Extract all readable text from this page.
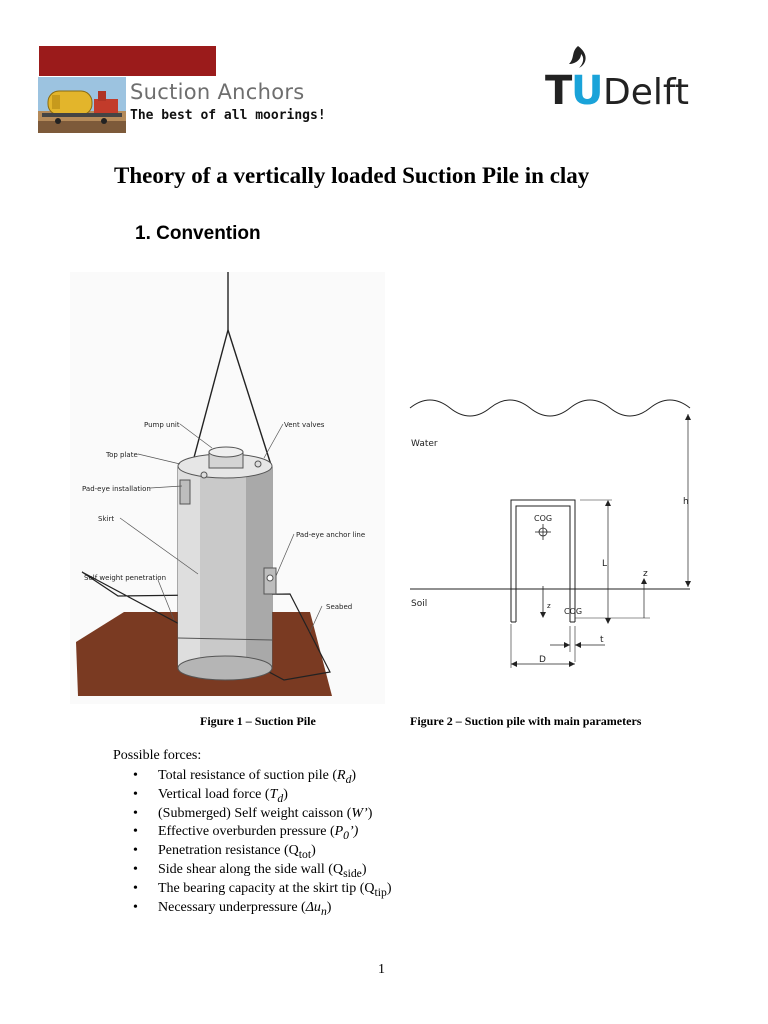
Suction Anchors
The best of all moorings!
T
U Delft
Theory of a vertically loaded Suction Pile in clay
1. Convention
Pump unit	Vent valves
Top plate
Pad-eye installation
Skirt
Pad-eye anchor line
Self weight penetration
Seabed
Water
Soil
COG
COG
h
L
z
z
t
D
Figure 1 – Suction Pile	Figure 2 – Suction pile with main parameters
Possible forces:
• Total resistance of suction pile $(R_d)$
• Vertical load force $(T_d)$
• (Submerged) Self weight caisson (W’)
• Effective overburden pressure $(P_0’)$
• Penetration resistance $(Q_{tot})$
• Side shear along the side wall $(Q_{side})$
• The bearing capacity at the skirt tip $(Q_{tip})$
• Necessary underpressure $(\Delta u_n)$
1
